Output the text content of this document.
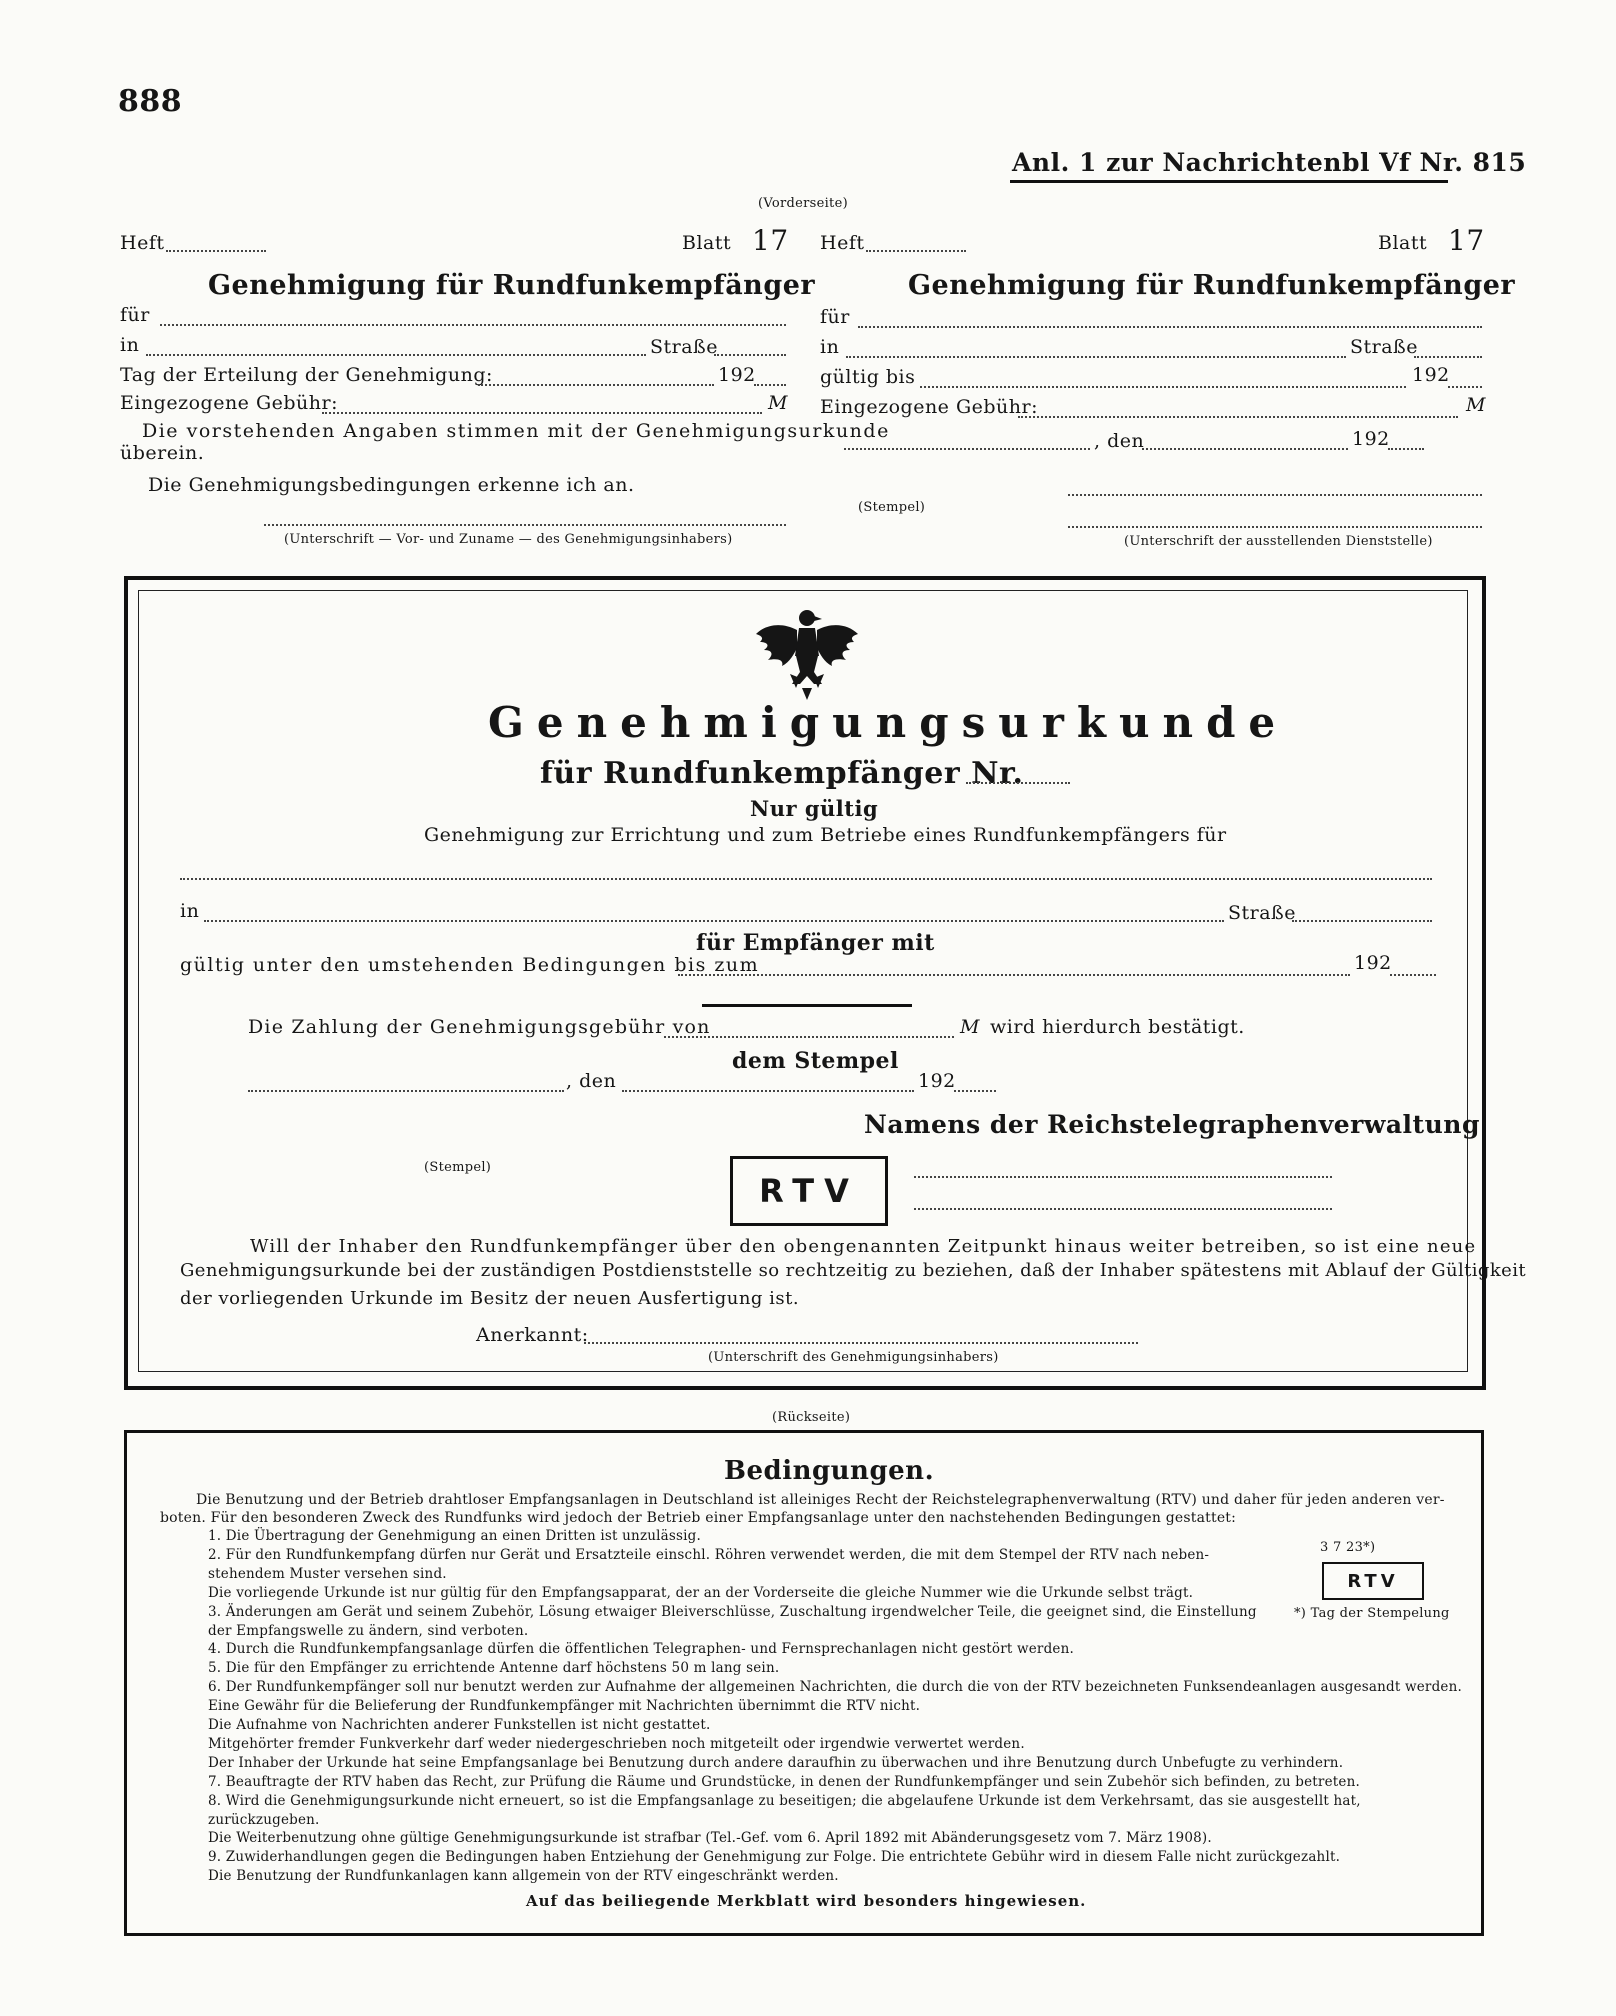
888
Anl. 1 zur Nachrichtenbl Vf Nr. 815
(Vorderseite)
Heft	Blatt 17
Genehmigung für Rundfunkempfänger
für
in	Straße
Tag der Erteilung der Genehmigung:	192
Eingezogene Gebühr:	M
Die vorstehenden Angaben stimmen mit der Genehmigungsurkunde
überein.
Die Genehmigungsbedingungen erkenne ich an.
(Unterschrift — Vor- und Zuname — des Genehmigungsinhabers)
Heft	Blatt 17
Genehmigung für Rundfunkempfänger
für
in	Straße
gültig bis	192
Eingezogene Gebühr:	M
, den	192
(Stempel)
(Unterschrift der ausstellenden Dienststelle)
Genehmigungsurkunde
für Rundfunkempfänger Nr.
Nur gültig
Genehmigung zur Errichtung und zum Betriebe eines Rundfunkempfängers für
in	Straße
für Empfänger mit
gültig unter den umstehenden Bedingungen bis zum	192
Die Zahlung der Genehmigungsgebühr von	M wird hierdurch bestätigt.
dem Stempel
, den	192
Namens der Reichstelegraphenverwaltung
(Stempel)
RTV
Will der Inhaber den Rundfunkempfänger über den obengenannten Zeitpunkt hinaus weiter betreiben, so ist eine neue
Genehmigungsurkunde bei der zuständigen Postdienststelle so rechtzeitig zu beziehen, daß der Inhaber spätestens mit Ablauf der Gültigkeit
der vorliegenden Urkunde im Besitz der neuen Ausfertigung ist.
Anerkannt:
(Unterschrift des Genehmigungsinhabers)
(Rückseite)
Bedingungen.
Die Benutzung und der Betrieb drahtloser Empfangsanlagen in Deutschland ist alleiniges Recht der Reichstelegraphenverwaltung (RTV) und daher für jeden anderen ver-
boten. Für den besonderen Zweck des Rundfunks wird jedoch der Betrieb einer Empfangsanlage unter den nachstehenden Bedingungen gestattet:
1. Die Übertragung der Genehmigung an einen Dritten ist unzulässig.
2. Für den Rundfunkempfang dürfen nur Gerät und Ersatzteile einschl. Röhren verwendet werden, die mit dem Stempel der RTV nach neben-
stehendem Muster versehen sind.
Die vorliegende Urkunde ist nur gültig für den Empfangsapparat, der an der Vorderseite die gleiche Nummer wie die Urkunde selbst trägt.
3. Änderungen am Gerät und seinem Zubehör, Lösung etwaiger Bleiverschlüsse, Zuschaltung irgendwelcher Teile, die geeignet sind, die Einstellung
der Empfangswelle zu ändern, sind verboten.
4. Durch die Rundfunkempfangsanlage dürfen die öffentlichen Telegraphen- und Fernsprechanlagen nicht gestört werden.
5. Die für den Empfänger zu errichtende Antenne darf höchstens 50 m lang sein.
6. Der Rundfunkempfänger soll nur benutzt werden zur Aufnahme der allgemeinen Nachrichten, die durch die von der RTV bezeichneten Funksendeanlagen ausgesandt werden.
Eine Gewähr für die Belieferung der Rundfunkempfänger mit Nachrichten übernimmt die RTV nicht.
Die Aufnahme von Nachrichten anderer Funkstellen ist nicht gestattet.
Mitgehörter fremder Funkverkehr darf weder niedergeschrieben noch mitgeteilt oder irgendwie verwertet werden.
Der Inhaber der Urkunde hat seine Empfangsanlage bei Benutzung durch andere daraufhin zu überwachen und ihre Benutzung durch Unbefugte zu verhindern.
7. Beauftragte der RTV haben das Recht, zur Prüfung die Räume und Grundstücke, in denen der Rundfunkempfänger und sein Zubehör sich befinden, zu betreten.
8. Wird die Genehmigungsurkunde nicht erneuert, so ist die Empfangsanlage zu beseitigen; die abgelaufene Urkunde ist dem Verkehrsamt, das sie ausgestellt hat,
zurückzugeben.
Die Weiterbenutzung ohne gültige Genehmigungsurkunde ist strafbar (Tel.-Gef. vom 6. April 1892 mit Abänderungsgesetz vom 7. März 1908).
9. Zuwiderhandlungen gegen die Bedingungen haben Entziehung der Genehmigung zur Folge. Die entrichtete Gebühr wird in diesem Falle nicht zurückgezahlt.
Die Benutzung der Rundfunkanlagen kann allgemein von der RTV eingeschränkt werden.
3 7 23*)
RTV
*) Tag der Stempelung
Auf das beiliegende Merkblatt wird besonders hingewiesen.
